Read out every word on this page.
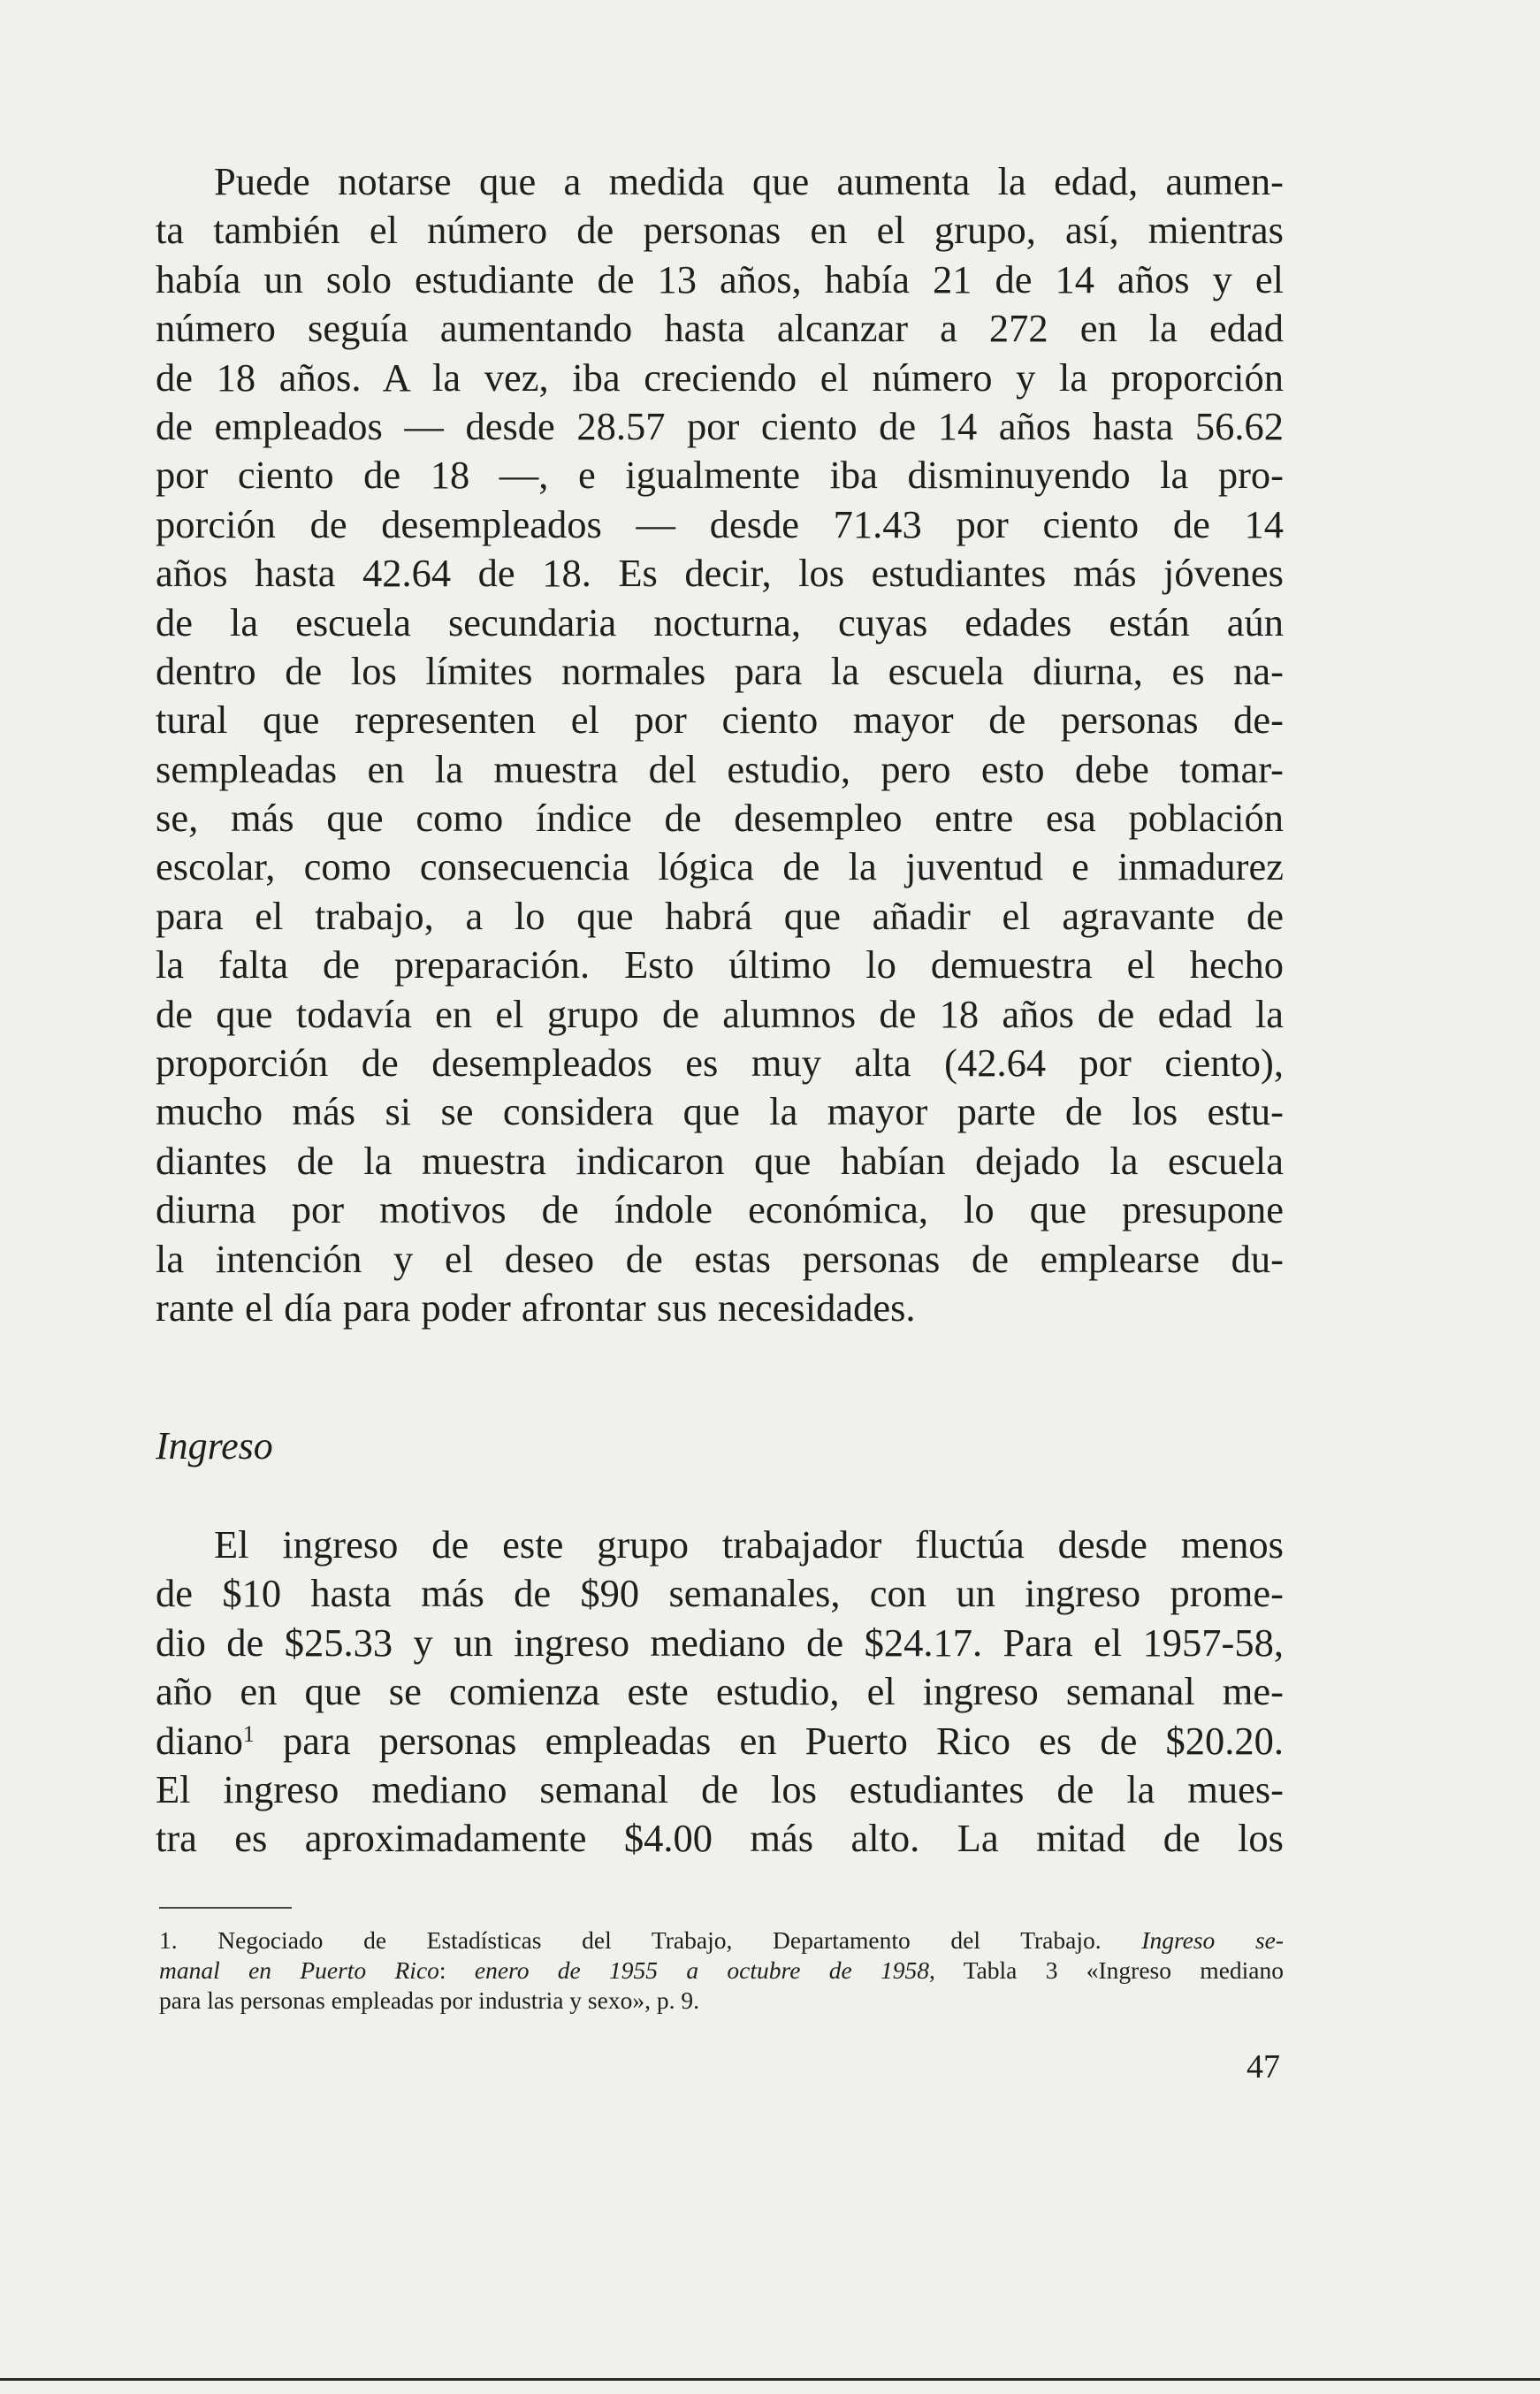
Puede notarse que a medida que aumenta la edad, aumen-
ta también el número de personas en el grupo, así, mientras
había un solo estudiante de 13 años, había 21 de 14 años y el
número seguía aumentando hasta alcanzar a 272 en la edad
de 18 años. A la vez, iba creciendo el número y la proporción
de empleados — desde 28.57 por ciento de 14 años hasta 56.62
por ciento de 18 —, e igualmente iba disminuyendo la pro-
porción de desempleados — desde 71.43 por ciento de 14
años hasta 42.64 de 18. Es decir, los estudiantes más jóvenes
de la escuela secundaria nocturna, cuyas edades están aún
dentro de los límites normales para la escuela diurna, es na-
tural que representen el por ciento mayor de personas de-
sempleadas en la muestra del estudio, pero esto debe tomar-
se, más que como índice de desempleo entre esa población
escolar, como consecuencia lógica de la juventud e inmadurez
para el trabajo, a lo que habrá que añadir el agravante de
la falta de preparación. Esto último lo demuestra el hecho
de que todavía en el grupo de alumnos de 18 años de edad la
proporción de desempleados es muy alta (42.64 por ciento),
mucho más si se considera que la mayor parte de los estu-
diantes de la muestra indicaron que habían dejado la escuela
diurna por motivos de índole económica, lo que presupone
la intención y el deseo de estas personas de emplearse du-
rante el día para poder afrontar sus necesidades.
Ingreso
El ingreso de este grupo trabajador fluctúa desde menos
de $10 hasta más de $90 semanales, con un ingreso prome-
dio de $25.33 y un ingreso mediano de $24.17. Para el 1957-58,
año en que se comienza este estudio, el ingreso semanal me-
diano$^1$ para personas empleadas en Puerto Rico es de $20.20.
El ingreso mediano semanal de los estudiantes de la mues-
tra es aproximadamente $4.00 más alto. La mitad de los
1. Negociado de Estadísticas del Trabajo, Departamento del Trabajo. Ingreso se-
manal en Puerto Rico: enero de 1955 a octubre de 1958, Tabla 3 «Ingreso mediano
para las personas empleadas por industria y sexo», p. 9.
47
